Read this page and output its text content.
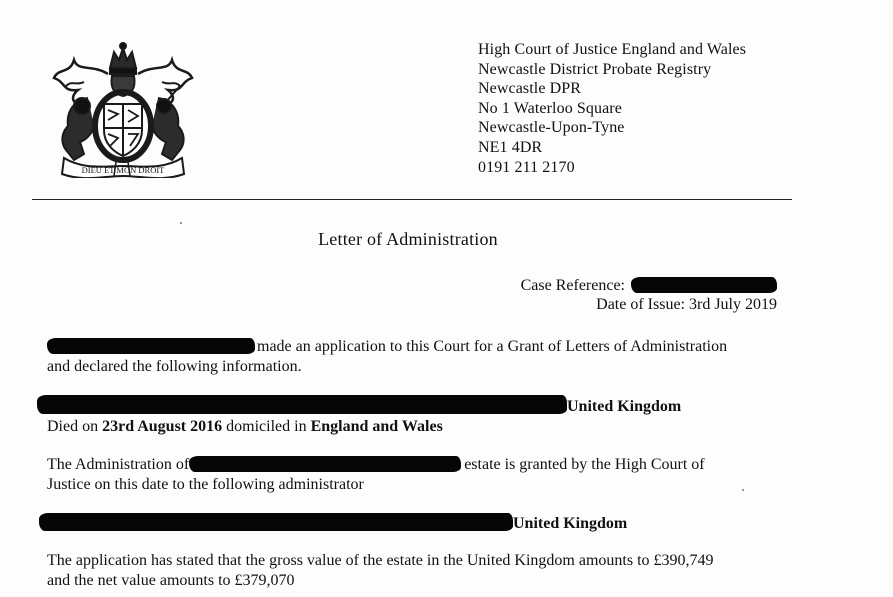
DIEU ET MON DROIT
High Court of Justice England and Wales
Newcastle District Probate Registry
Newcastle DPR
No 1 Waterloo Square
Newcastle-Upon-Tyne
NE1 4DR
0191 211 2170
Letter of Administration
Case Reference:
Date of Issue: 3rd July 2019
made an application to this Court for a Grant of Letters of Administration
and declared the following information.
United Kingdom
Died on 23rd August 2016 domiciled in England and Wales
The Administration of	estate is granted by the High Court of
Justice on this date to the following administrator
United Kingdom
The application has stated that the gross value of the estate in the United Kingdom amounts to £390,749
and the net value amounts to £379,070
